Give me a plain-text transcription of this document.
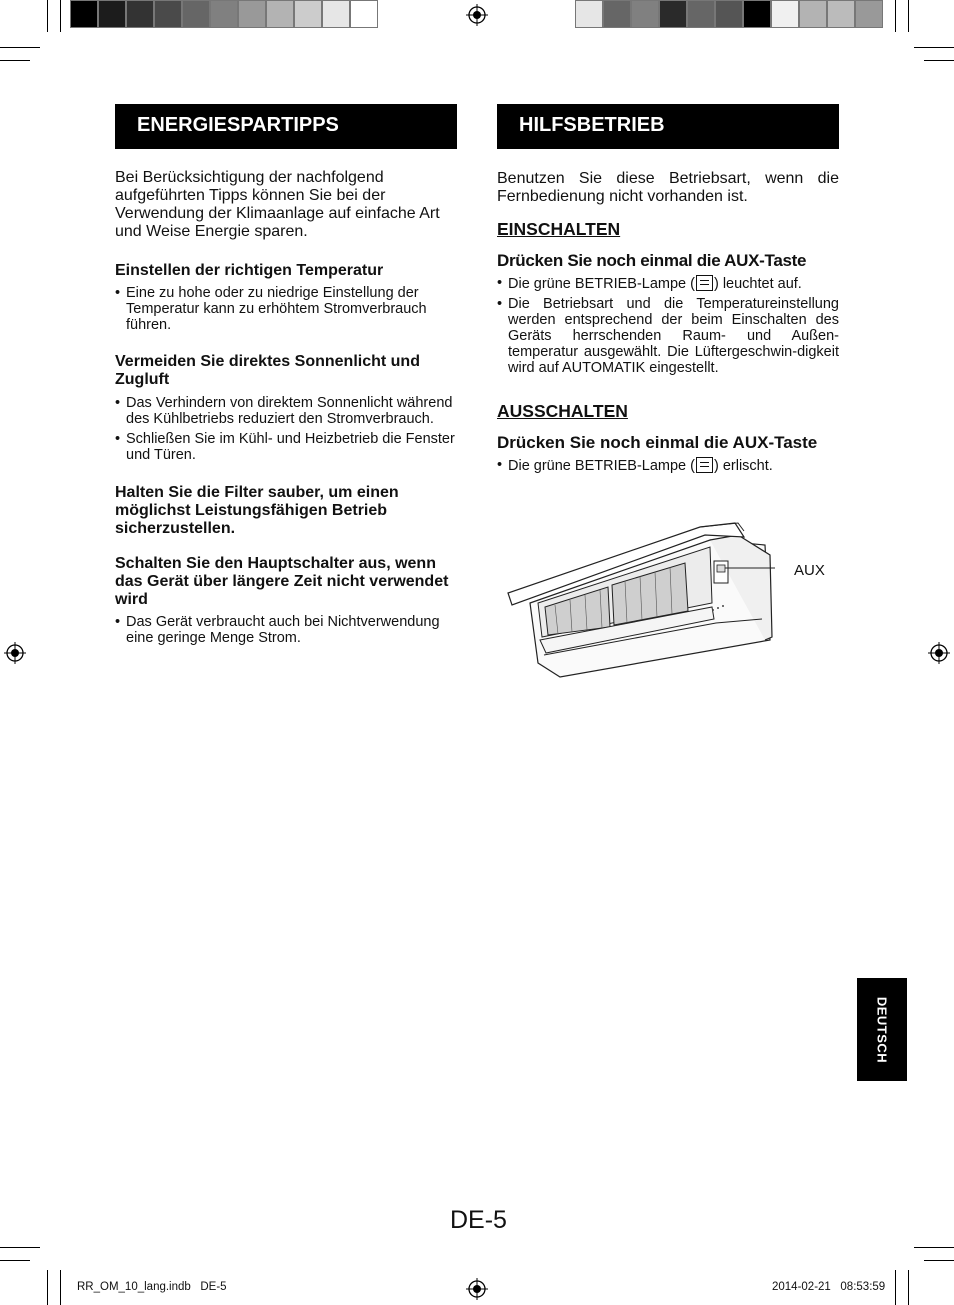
ENERGIESPARTIPPS

Bei Berücksichtigung der nachfolgend aufgeführten Tipps können Sie bei der Verwendung der Klimaanlage auf einfache Art und Weise Energie sparen.

Einstellen der richtigen Temperatur

• Eine zu hohe oder zu niedrige Einstellung der Temperatur kann zu erhöhtem Stromverbrauch führen.

Vermeiden Sie direktes Sonnenlicht und Zugluft

• Das Verhindern von direktem Sonnenlicht während des Kühlbetriebs reduziert den Stromverbrauch.
• Schließen Sie im Kühl- und Heizbetrieb die Fenster und Türen.

Halten Sie die Filter sauber, um einen möglichst Leistungsfähigen Betrieb sicherzustellen.

Schalten Sie den Hauptschalter aus, wenn das Gerät über längere Zeit nicht verwendet wird

• Das Gerät verbraucht auch bei Nichtverwendung eine geringe Menge Strom.
HILFSBETRIEB

Benutzen Sie diese Betriebsart, wenn die Fernbedienung nicht vorhanden ist.

EINSCHALTEN

Drücken Sie noch einmal die AUX-Taste

• Die grüne BETRIEB-Lampe ( ) leuchtet auf.
• Die Betriebsart und die Temperatureinstellung werden entsprechend der beim Einschalten des Geräts herrschenden Raum- und Außen-temperatur ausgewählt. Die Lüftergeschwin-digkeit wird auf AUTOMATIK eingestellt.

AUSSCHALTEN

Drücken Sie noch einmal die AUX-Taste

• Die grüne BETRIEB-Lampe ( ) erlischt.
AUX
DEUTSCH
DE-5
RR_OM_10_lang.indb   DE-5	2014-02-21   08:53:59
